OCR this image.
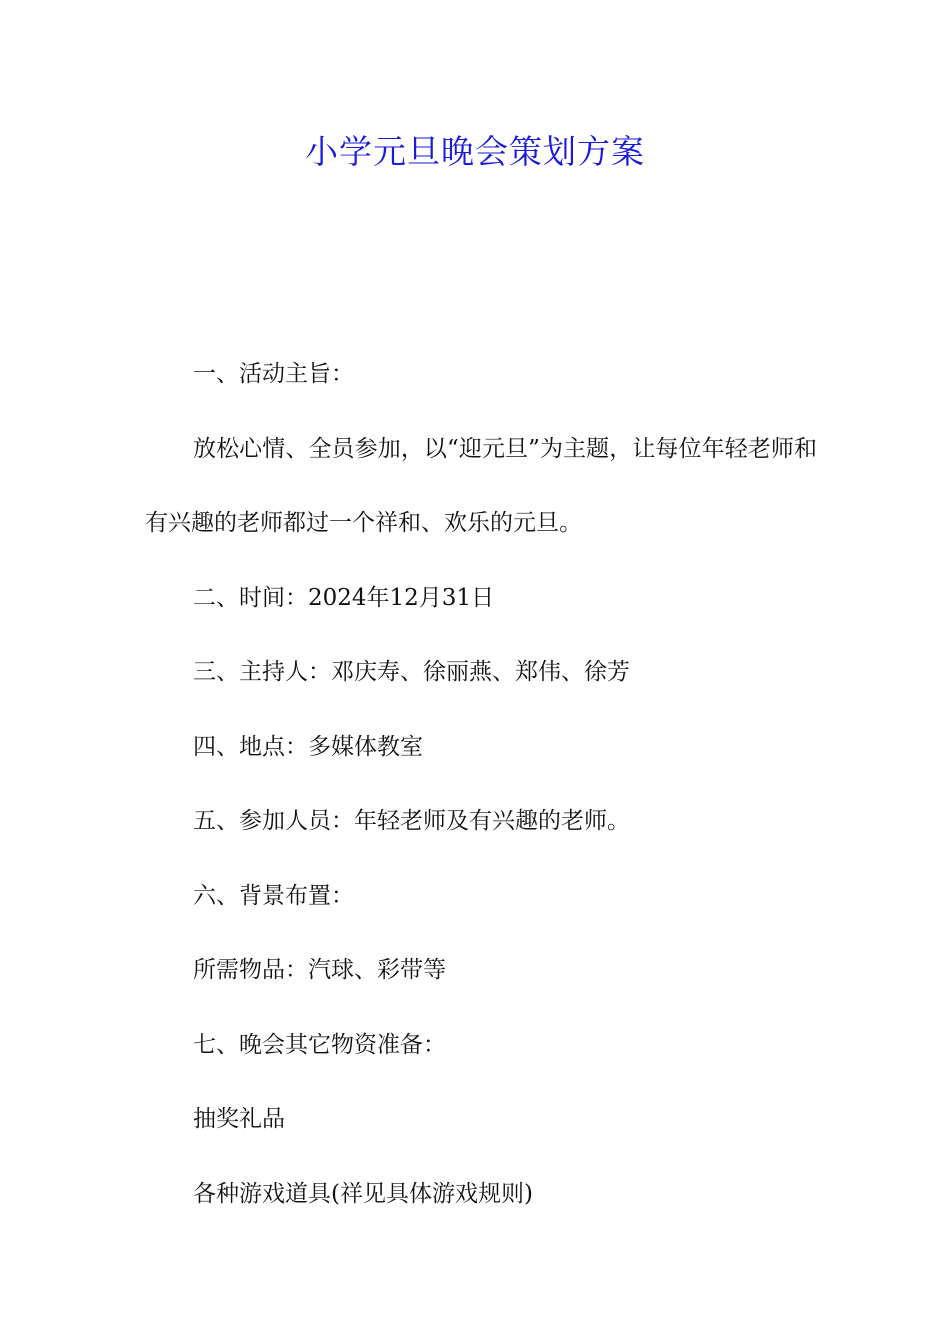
小学元旦晚会策划方案

一、活动主旨：

放松心情、全员参加，以“迎元旦”为主题，让每位年轻老师和有兴趣的老师都过一个祥和、欢乐的元旦。

二、时间：2024年12月31日

三、主持人：邓庆寿、徐丽燕、郑伟、徐芳

四、地点：多媒体教室

五、参加人员：年轻老师及有兴趣的老师。

六、背景布置：

所需物品：汽球、彩带等

七、晚会其它物资准备：

抽奖礼品

各种游戏道具(祥见具体游戏规则)
